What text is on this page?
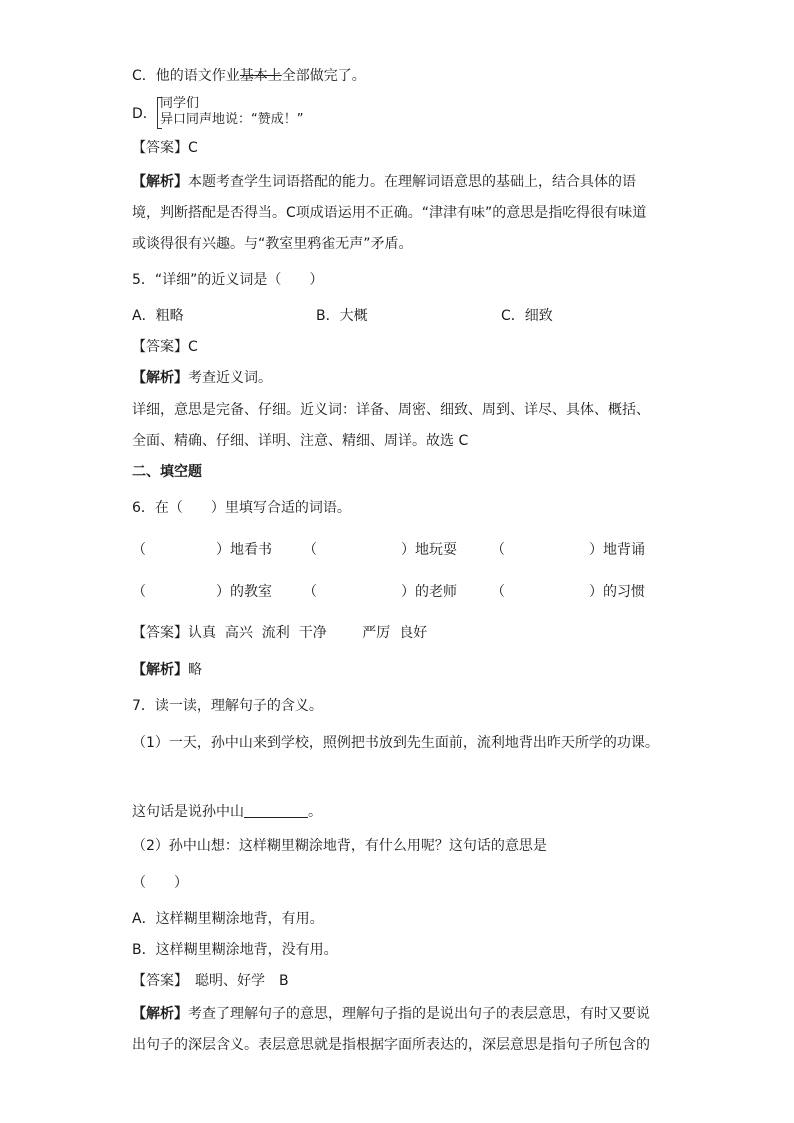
C．他的语文作业基本上全部做完了。
D．
同学们
异口同声地说：“赞成！”
【答案】C
【解析】本题考查学生词语搭配的能力。在理解词语意思的基础上，结合具体的语
境，判断搭配是否得当。C项成语运用不正确。“津津有味”的意思是指吃得很有味道
或谈得很有兴趣。与“教室里鸦雀无声”矛盾。
5．“详细”的近义词是（　　）
A．粗略	B．大概	C．细致
【答案】C
【解析】考查近义词。
详细，意思是完备、仔细。近义词：详备、周密、细致、周到、详尽、具体、概括、
全面、精确、仔细、详明、注意、精细、周详。故选 C
二、填空题
6．在（　　）里填写合适的词语。
（　　　　　）地看书 （　　　　　　）地玩耍 （　　　　　　）地背诵
（　　　　　）的教室 （　　　　　　）的老师 （　　　　　　）的习惯
【答案】认真  高兴  流利  干净        严厉  良好
【解析】略
7．读一读，理解句子的含义。
（1）一天，孙中山来到学校，照例把书放到先生面前，流利地背出昨天所学的功课。
这句话是说孙中山	。
（2）孙中山想：这样糊里糊涂地背，有什么用呢？这句话的意思是
（　　）
A．这样糊里糊涂地背，有用。
B．这样糊里糊涂地背，没有用。
【答案】　聪明、好学　B
【解析】考查了理解句子的意思，理解句子指的是说出句子的表层意思，有时又要说
出句子的深层含义。表层意思就是指根据字面所表达的，深层意思是指句子所包含的
